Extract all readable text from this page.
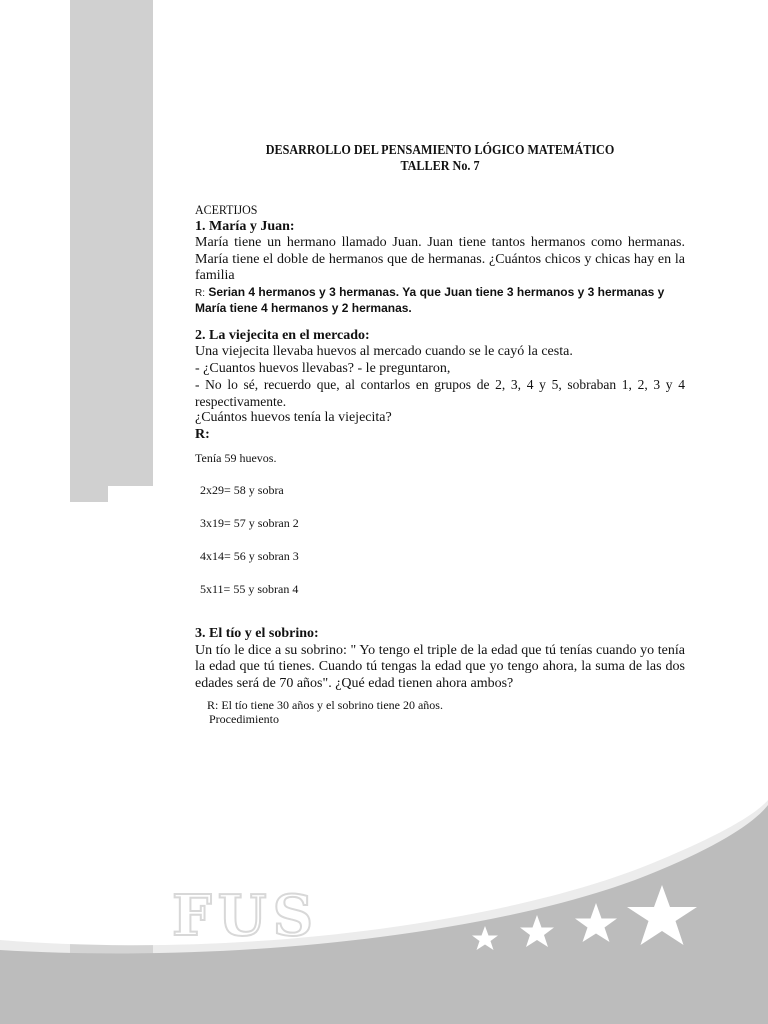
FUS
DESARROLLO DEL PENSAMIENTO LÓGICO MATEMÁTICO
TALLER No. 7
ACERTIJOS
1. María y Juan:
María tiene un hermano llamado Juan. Juan tiene tantos hermanos como hermanas. María tiene el doble de hermanos que de hermanas. ¿Cuántos chicos y chicas hay en la familia
R: Serian 4 hermanos y 3 hermanas. Ya que Juan tiene 3 hermanos y 3 hermanas y María tiene 4 hermanos y 2 hermanas.
2. La viejecita en el mercado:
Una viejecita llevaba huevos al mercado cuando se le cayó la cesta.
- ¿Cuantos huevos llevabas? - le preguntaron,
- No lo sé, recuerdo que, al contarlos en grupos de 2, 3, 4 y 5, sobraban 1, 2, 3 y 4 respectivamente.
¿Cuántos huevos tenía la viejecita?
R:
Tenía 59 huevos.
2x29= 58 y sobra
3x19= 57 y sobran 2
4x14= 56 y sobran 3
5x11= 55 y sobran 4
3. El tío y el sobrino:
Un tío le dice a su sobrino: " Yo tengo el triple de la edad que tú tenías cuando yo tenía la edad que tú tienes. Cuando tú tengas la edad que yo tengo ahora, la suma de las dos edades será de 70 años". ¿Qué edad tienen ahora ambos?
R: El tío tiene 30 años y el sobrino tiene 20 años.
Procedimiento
